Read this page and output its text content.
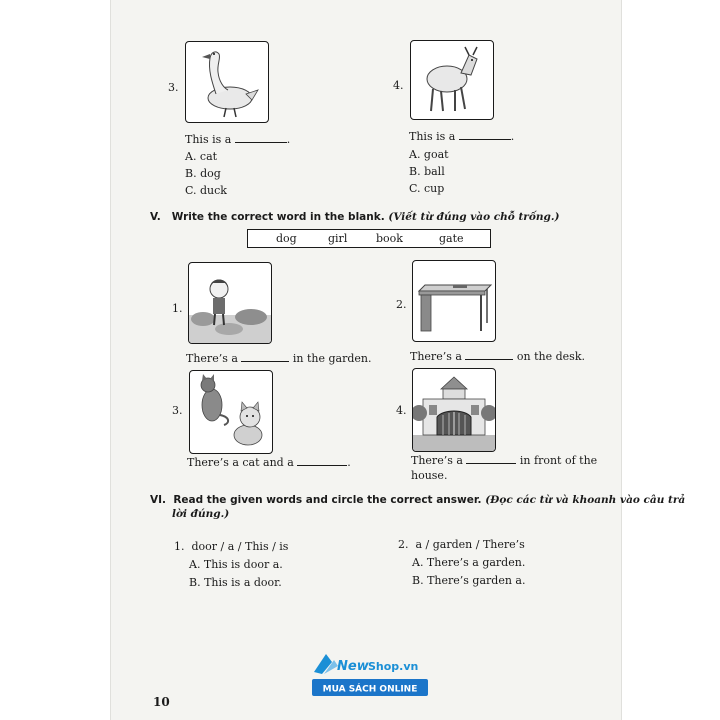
3.
This is a	.
A. cat
B. dog
C. duck
4.
This is a	.
A. goat
B. ball
C. cup
V. Write the correct word in the blank. (Viết từ đúng vào chỗ trống.)
dog	girl	book	gate
1.
There’s a	in the garden.
2.
There’s a	on the desk.
3.
There’s a cat and a	.
4.
There’s a	in front of the
house.
VI. Read the given words and circle the correct answer. (Đọc các từ và khoanh vào câu trả
lời đúng.)
1. door / a / This / is
A. This is door a.
B. This is a door.
2. a / garden / There’s
A. There’s a garden.
B. There’s garden a.
New Shop.vn
MUA SÁCH ONLINE
10
